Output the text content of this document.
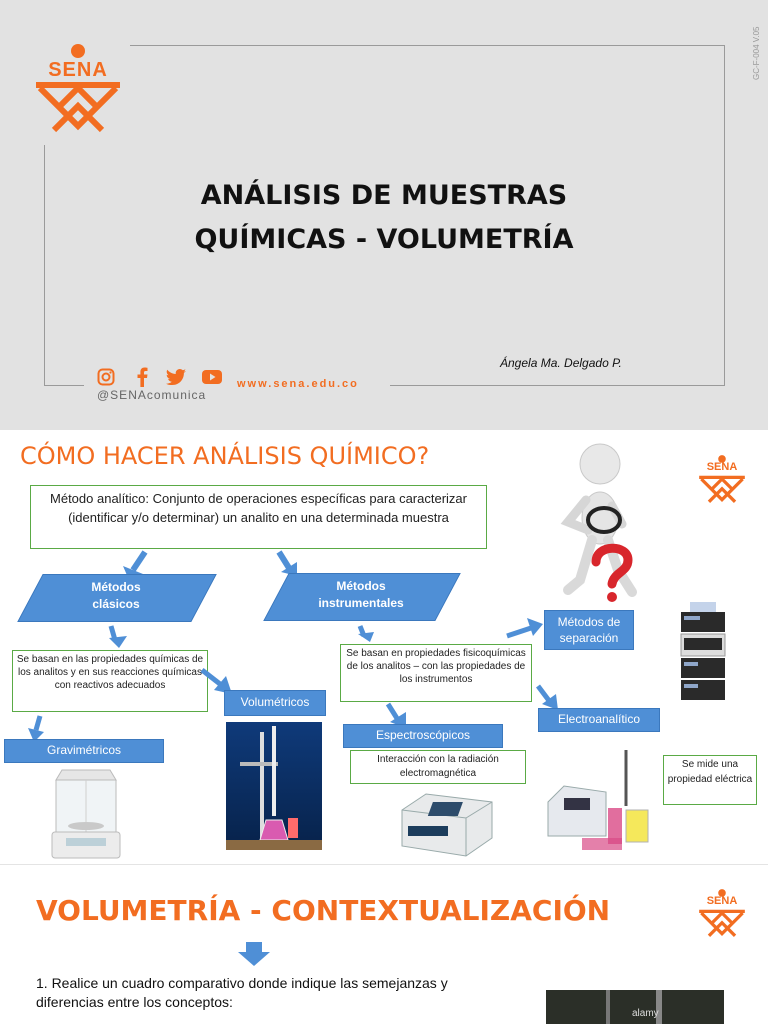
SENA	GC-F-004 V.05
ANÁLISIS DE MUESTRAS
QUÍMICAS - VOLUMETRÍA
Ángela Ma. Delgado P.
@SENAcomunica
www.sena.edu.co
CÓMO HACER ANÁLISIS QUÍMICO?	SENA
Método analítico: Conjunto de operaciones específicas para caracterizar (identificar y/o determinar) un analito en una determinada muestra
Métodos clásicos
Métodos instrumentales
Se basan en las propiedades químicas de los analitos y en sus reacciones químicas con reactivos adecuados
Se basan en propiedades fisicoquímicas de los analitos – con las propiedades de los instrumentos
Métodos de separación
Volumétricos
Gravimétricos
Espectroscópicos
Electroanalítico
Interacción con la radiación electromagnética
Se mide una propiedad eléctrica
VOLUMETRÍA - CONTEXTUALIZACIÓN	SENA
1. Realice un cuadro comparativo donde indique las semejanzas y diferencias entre los conceptos:
alamy
